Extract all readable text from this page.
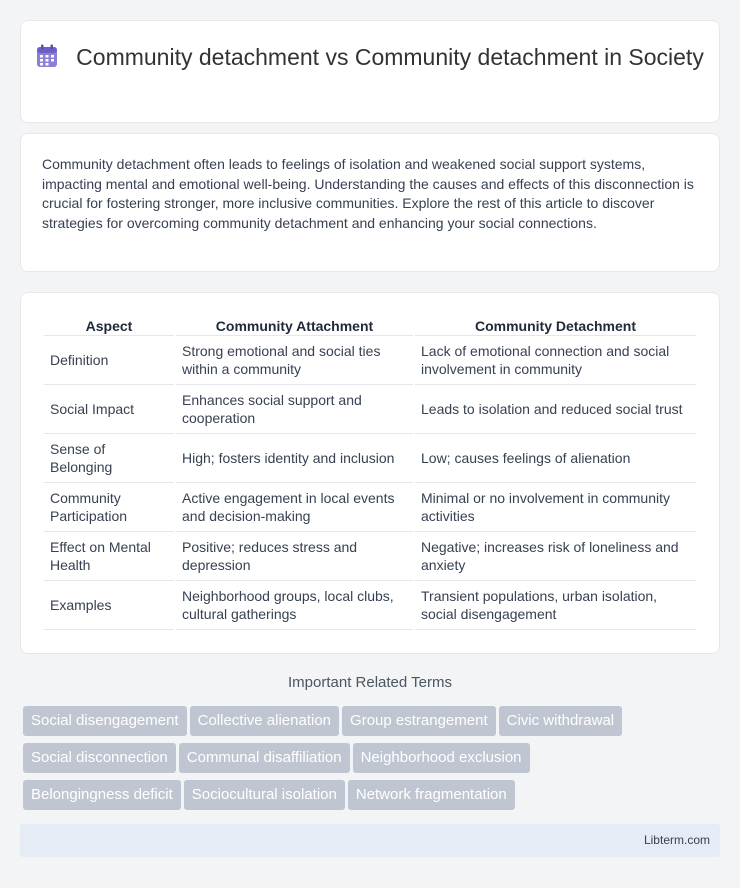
Community detachment vs Community detachment in Society

Community detachment often leads to feelings of isolation and weakened social support systems, impacting mental and emotional well-being. Understanding the causes and effects of this disconnection is crucial for fostering stronger, more inclusive communities. Explore the rest of this article to discover strategies for overcoming community detachment and enhancing your social connections.

Aspect	Community Attachment	Community Detachment
Definition	Strong emotional and social ties within a community	Lack of emotional connection and social involvement in community
Social Impact	Enhances social support and cooperation	Leads to isolation and reduced social trust
Sense of Belonging	High; fosters identity and inclusion	Low; causes feelings of alienation
Community Participation	Active engagement in local events and decision-making	Minimal or no involvement in community activities
Effect on Mental Health	Positive; reduces stress and depression	Negative; increases risk of loneliness and anxiety
Examples	Neighborhood groups, local clubs, cultural gatherings	Transient populations, urban isolation, social disengagement
Important Related Terms
Social disengagement Collective alienation Group estrangement Civic withdrawal
Social disconnection Communal disaffiliation Neighborhood exclusion
Belongingness deficit Sociocultural isolation Network fragmentation
Libterm.com
